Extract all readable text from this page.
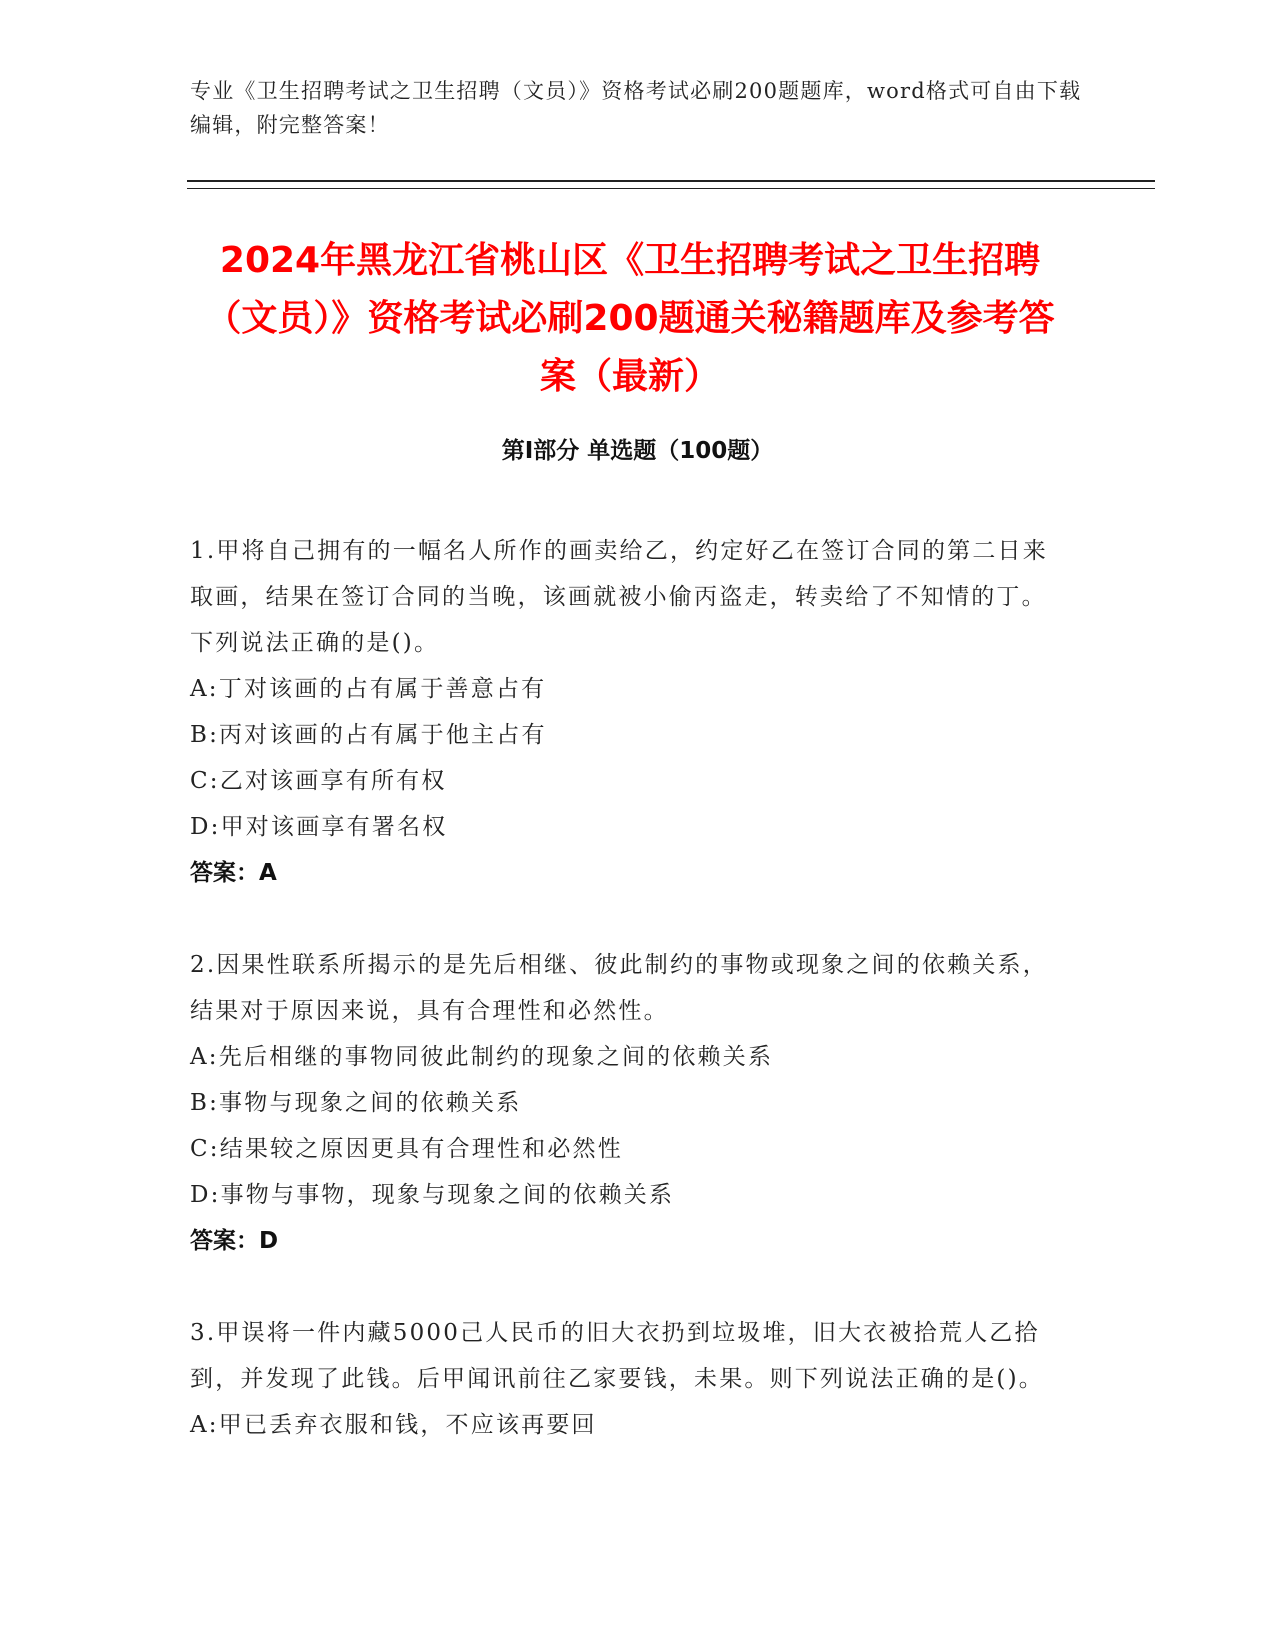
专业《卫生招聘考试之卫生招聘（文员）》资格考试必刷200题题库，word格式可自由下载编辑，附完整答案！
2024年黑龙江省桃山区《卫生招聘考试之卫生招聘（文员）》资格考试必刷200题通关秘籍题库及参考答案（最新）
第Ⅰ部分 单选题（100题）
1.甲将自己拥有的一幅名人所作的画卖给乙，约定好乙在签订合同的第二日来取画，结果在签订合同的当晚，该画就被小偷丙盗走，转卖给了不知情的丁。下列说法正确的是()。
A:丁对该画的占有属于善意占有
B:丙对该画的占有属于他主占有
C:乙对该画享有所有权
D:甲对该画享有署名权
答案：A
2.因果性联系所揭示的是先后相继、彼此制约的事物或现象之间的依赖关系，结果对于原因来说，具有合理性和必然性。
A:先后相继的事物同彼此制约的现象之间的依赖关系
B:事物与现象之间的依赖关系
C:结果较之原因更具有合理性和必然性
D:事物与事物，现象与现象之间的依赖关系
答案：D
3.甲误将一件内藏5000己人民币的旧大衣扔到垃圾堆，旧大衣被拾荒人乙拾到，并发现了此钱。后甲闻讯前往乙家要钱，未果。则下列说法正确的是()。
A:甲已丢弃衣服和钱，不应该再要回
